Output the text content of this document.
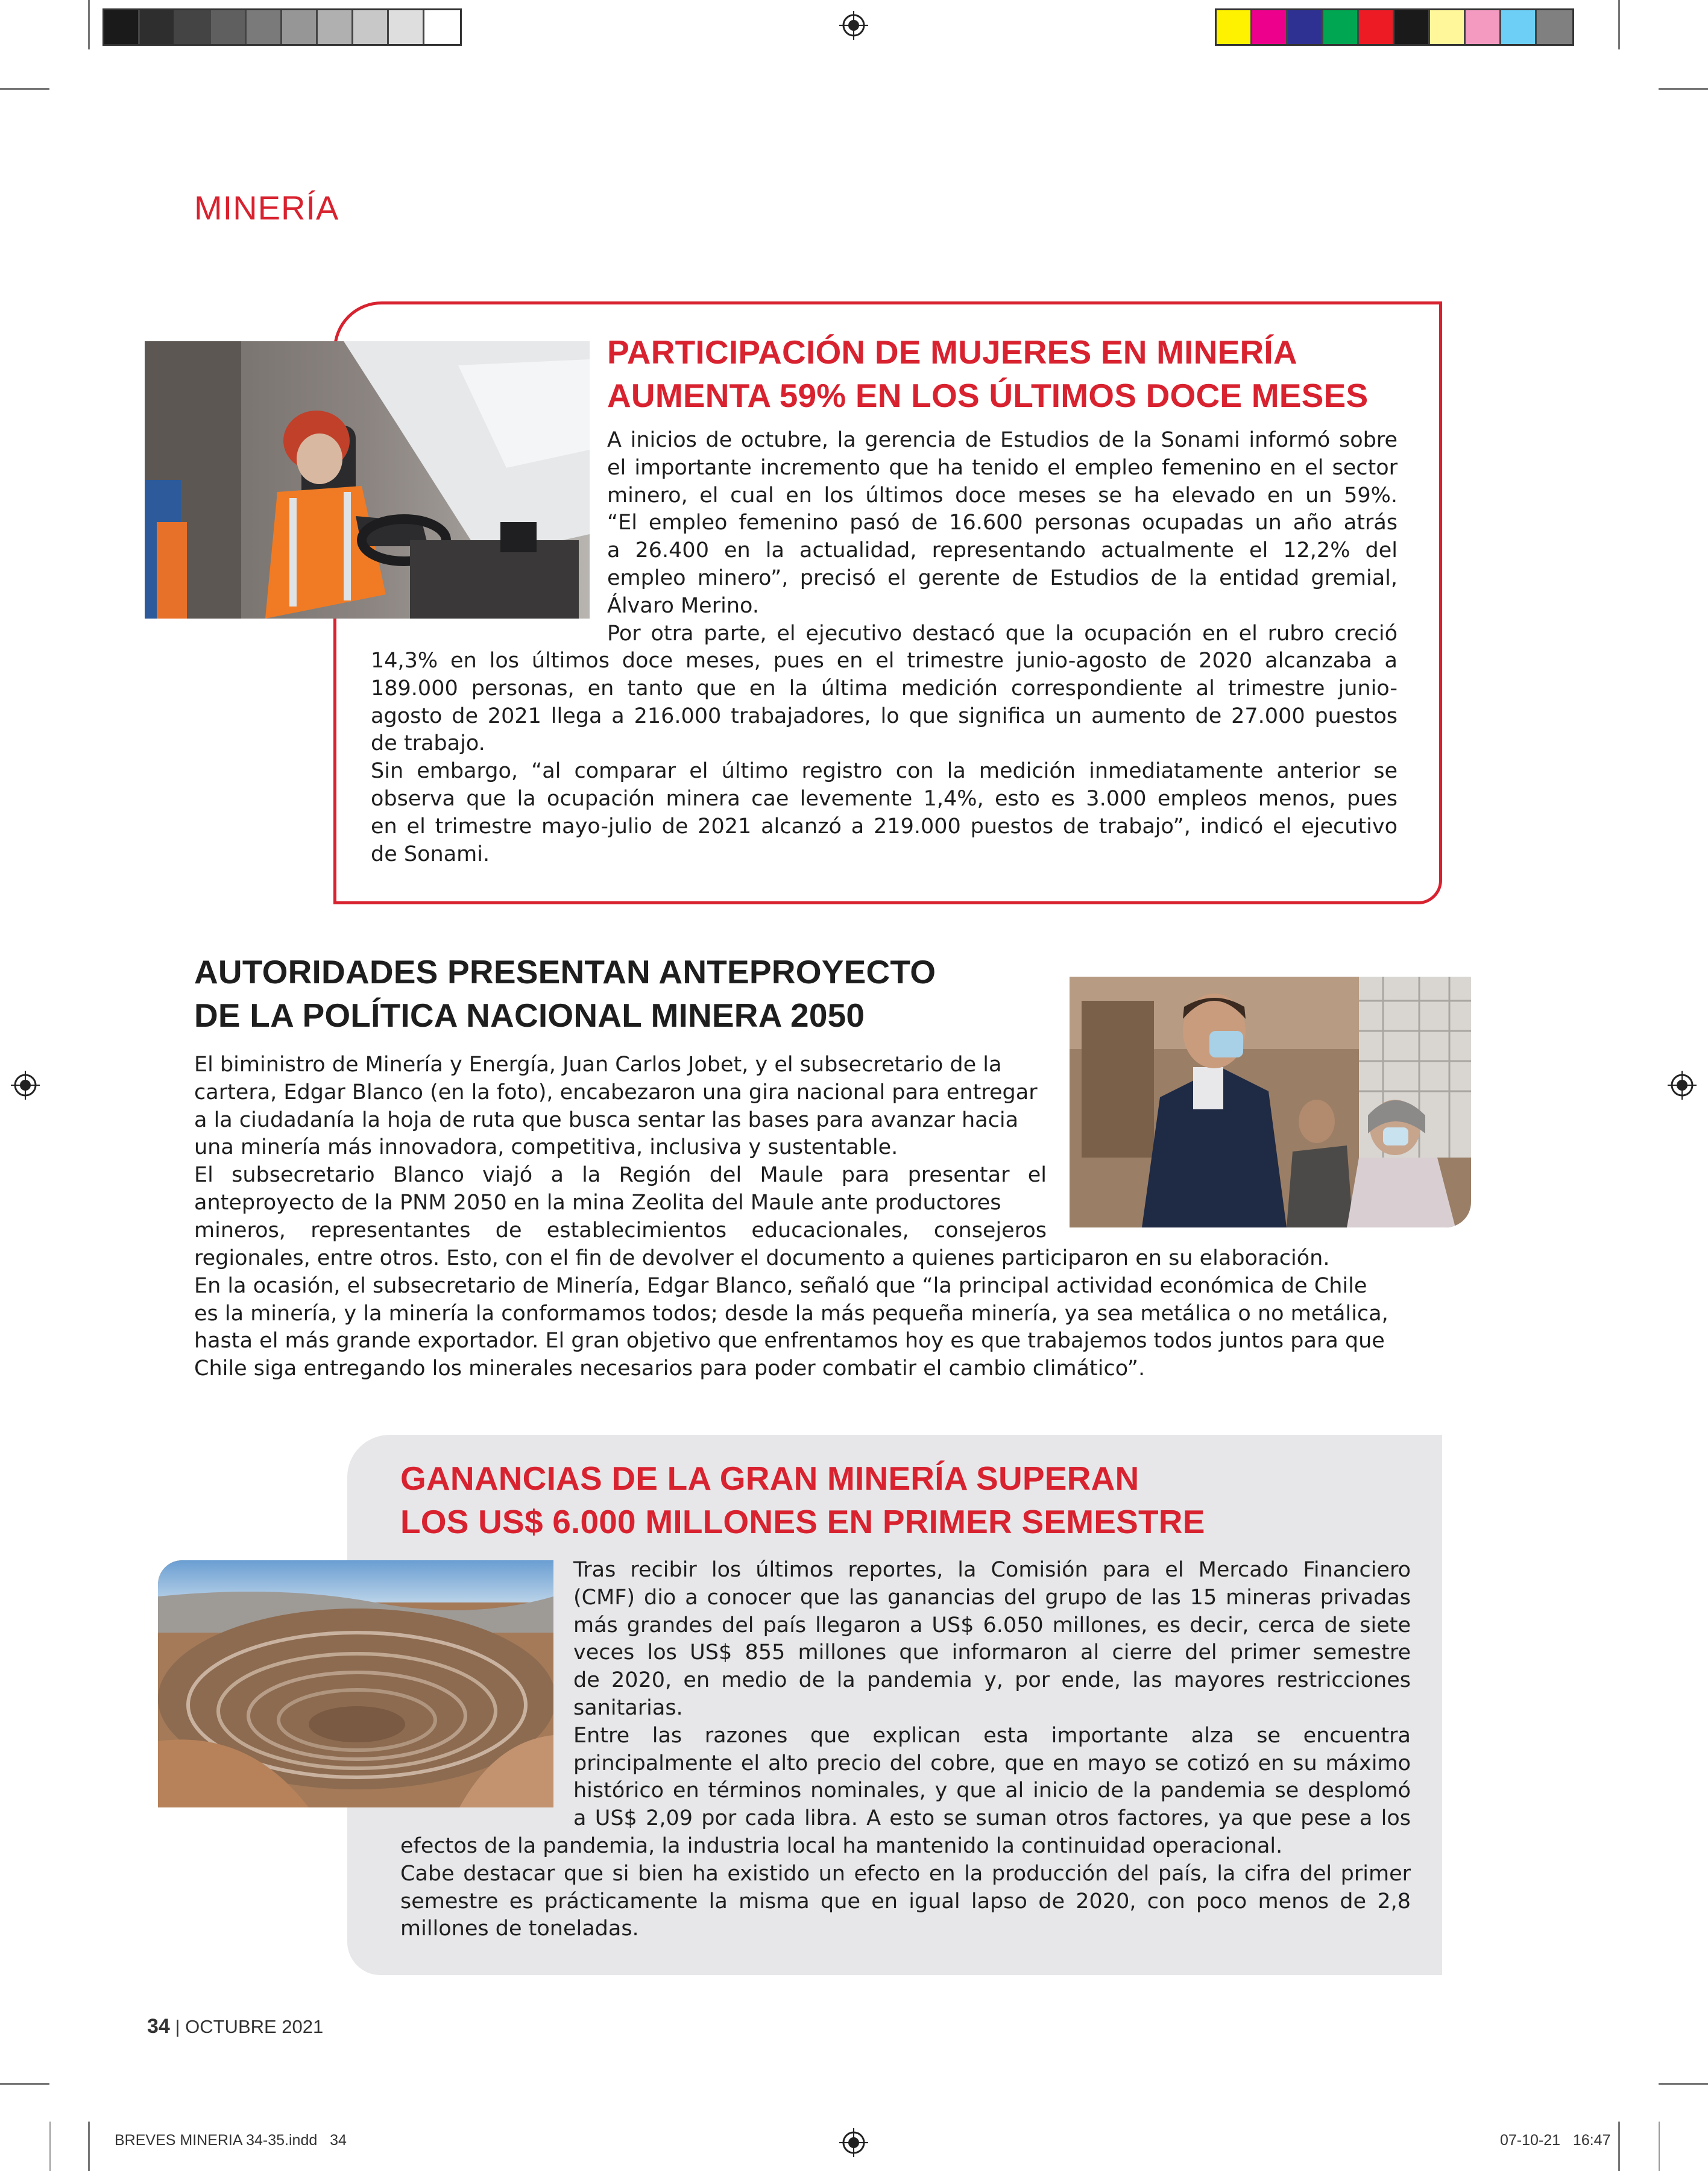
MINERÍA
PARTICIPACIÓN DE MUJERES EN MINERÍA
AUMENTA 59% EN LOS ÚLTIMOS DOCE MESES

A inicios de octubre, la gerencia de Estudios de la Sonami informó sobre

el importante incremento que ha tenido el empleo femenino en el sector

minero, el cual en los últimos doce meses se ha elevado en un 59%.

“El empleo femenino pasó de 16.600 personas ocupadas un año atrás

a 26.400 en la actualidad, representando actualmente el 12,2% del

empleo minero”, precisó el gerente de Estudios de la entidad gremial,

Álvaro Merino.

Por otra parte, el ejecutivo destacó que la ocupación en el rubro creció

14,3% en los últimos doce meses, pues en el trimestre junio-agosto de 2020 alcanzaba a

189.000 personas, en tanto que en la última medición correspondiente al trimestre junio-

agosto de 2021 llega a 216.000 trabajadores, lo que significa un aumento de 27.000 puestos

de trabajo.

Sin embargo, “al comparar el último registro con la medición inmediatamente anterior se

observa que la ocupación minera cae levemente 1,4%, esto es 3.000 empleos menos, pues

en el trimestre mayo-julio de 2021 alcanzó a 219.000 puestos de trabajo”, indicó el ejecutivo

de Sonami.

AUTORIDADES PRESENTAN ANTEPROYECTO
DE LA POLÍTICA NACIONAL MINERA 2050

El biministro de Minería y Energía, Juan Carlos Jobet, y el subsecretario de la

cartera, Edgar Blanco (en la foto), encabezaron una gira nacional para entregar

a la ciudadanía la hoja de ruta que busca sentar las bases para avanzar hacia

una minería más innovadora, competitiva, inclusiva y sustentable.

El subsecretario Blanco viajó a la Región del Maule para presentar el

anteproyecto de la PNM 2050 en la mina Zeolita del Maule ante productores

mineros, representantes de establecimientos educacionales, consejeros

regionales, entre otros. Esto, con el fin de devolver el documento a quienes participaron en su elaboración.

En la ocasión, el subsecretario de Minería, Edgar Blanco, señaló que “la principal actividad económica de Chile

es la minería, y la minería la conformamos todos; desde la más pequeña minería, ya sea metálica o no metálica,

hasta el más grande exportador. El gran objetivo que enfrentamos hoy es que trabajemos todos juntos para que

Chile siga entregando los minerales necesarios para poder combatir el cambio climático”.

GANANCIAS DE LA GRAN MINERÍA SUPERAN
LOS US$ 6.000 MILLONES EN PRIMER SEMESTRE

Tras recibir los últimos reportes, la Comisión para el Mercado Financiero

(CMF) dio a conocer que las ganancias del grupo de las 15 mineras privadas

más grandes del país llegaron a US$ 6.050 millones, es decir, cerca de siete

veces los US$ 855 millones que informaron al cierre del primer semestre

de 2020, en medio de la pandemia y, por ende, las mayores restricciones

sanitarias.

Entre las razones que explican esta importante alza se encuentra

principalmente el alto precio del cobre, que en mayo se cotizó en su máximo

histórico en términos nominales, y que al inicio de la pandemia se desplomó

a US$ 2,09 por cada libra. A esto se suman otros factores, ya que pese a los

efectos de la pandemia, la industria local ha mantenido la continuidad operacional.

Cabe destacar que si bien ha existido un efecto en la producción del país, la cifra del primer

semestre es prácticamente la misma que en igual lapso de 2020, con poco menos de 2,8

millones de toneladas.

34 | OCTUBRE 2021
BREVES MINERIA 34-35.indd   34	07-10-21   16:47
